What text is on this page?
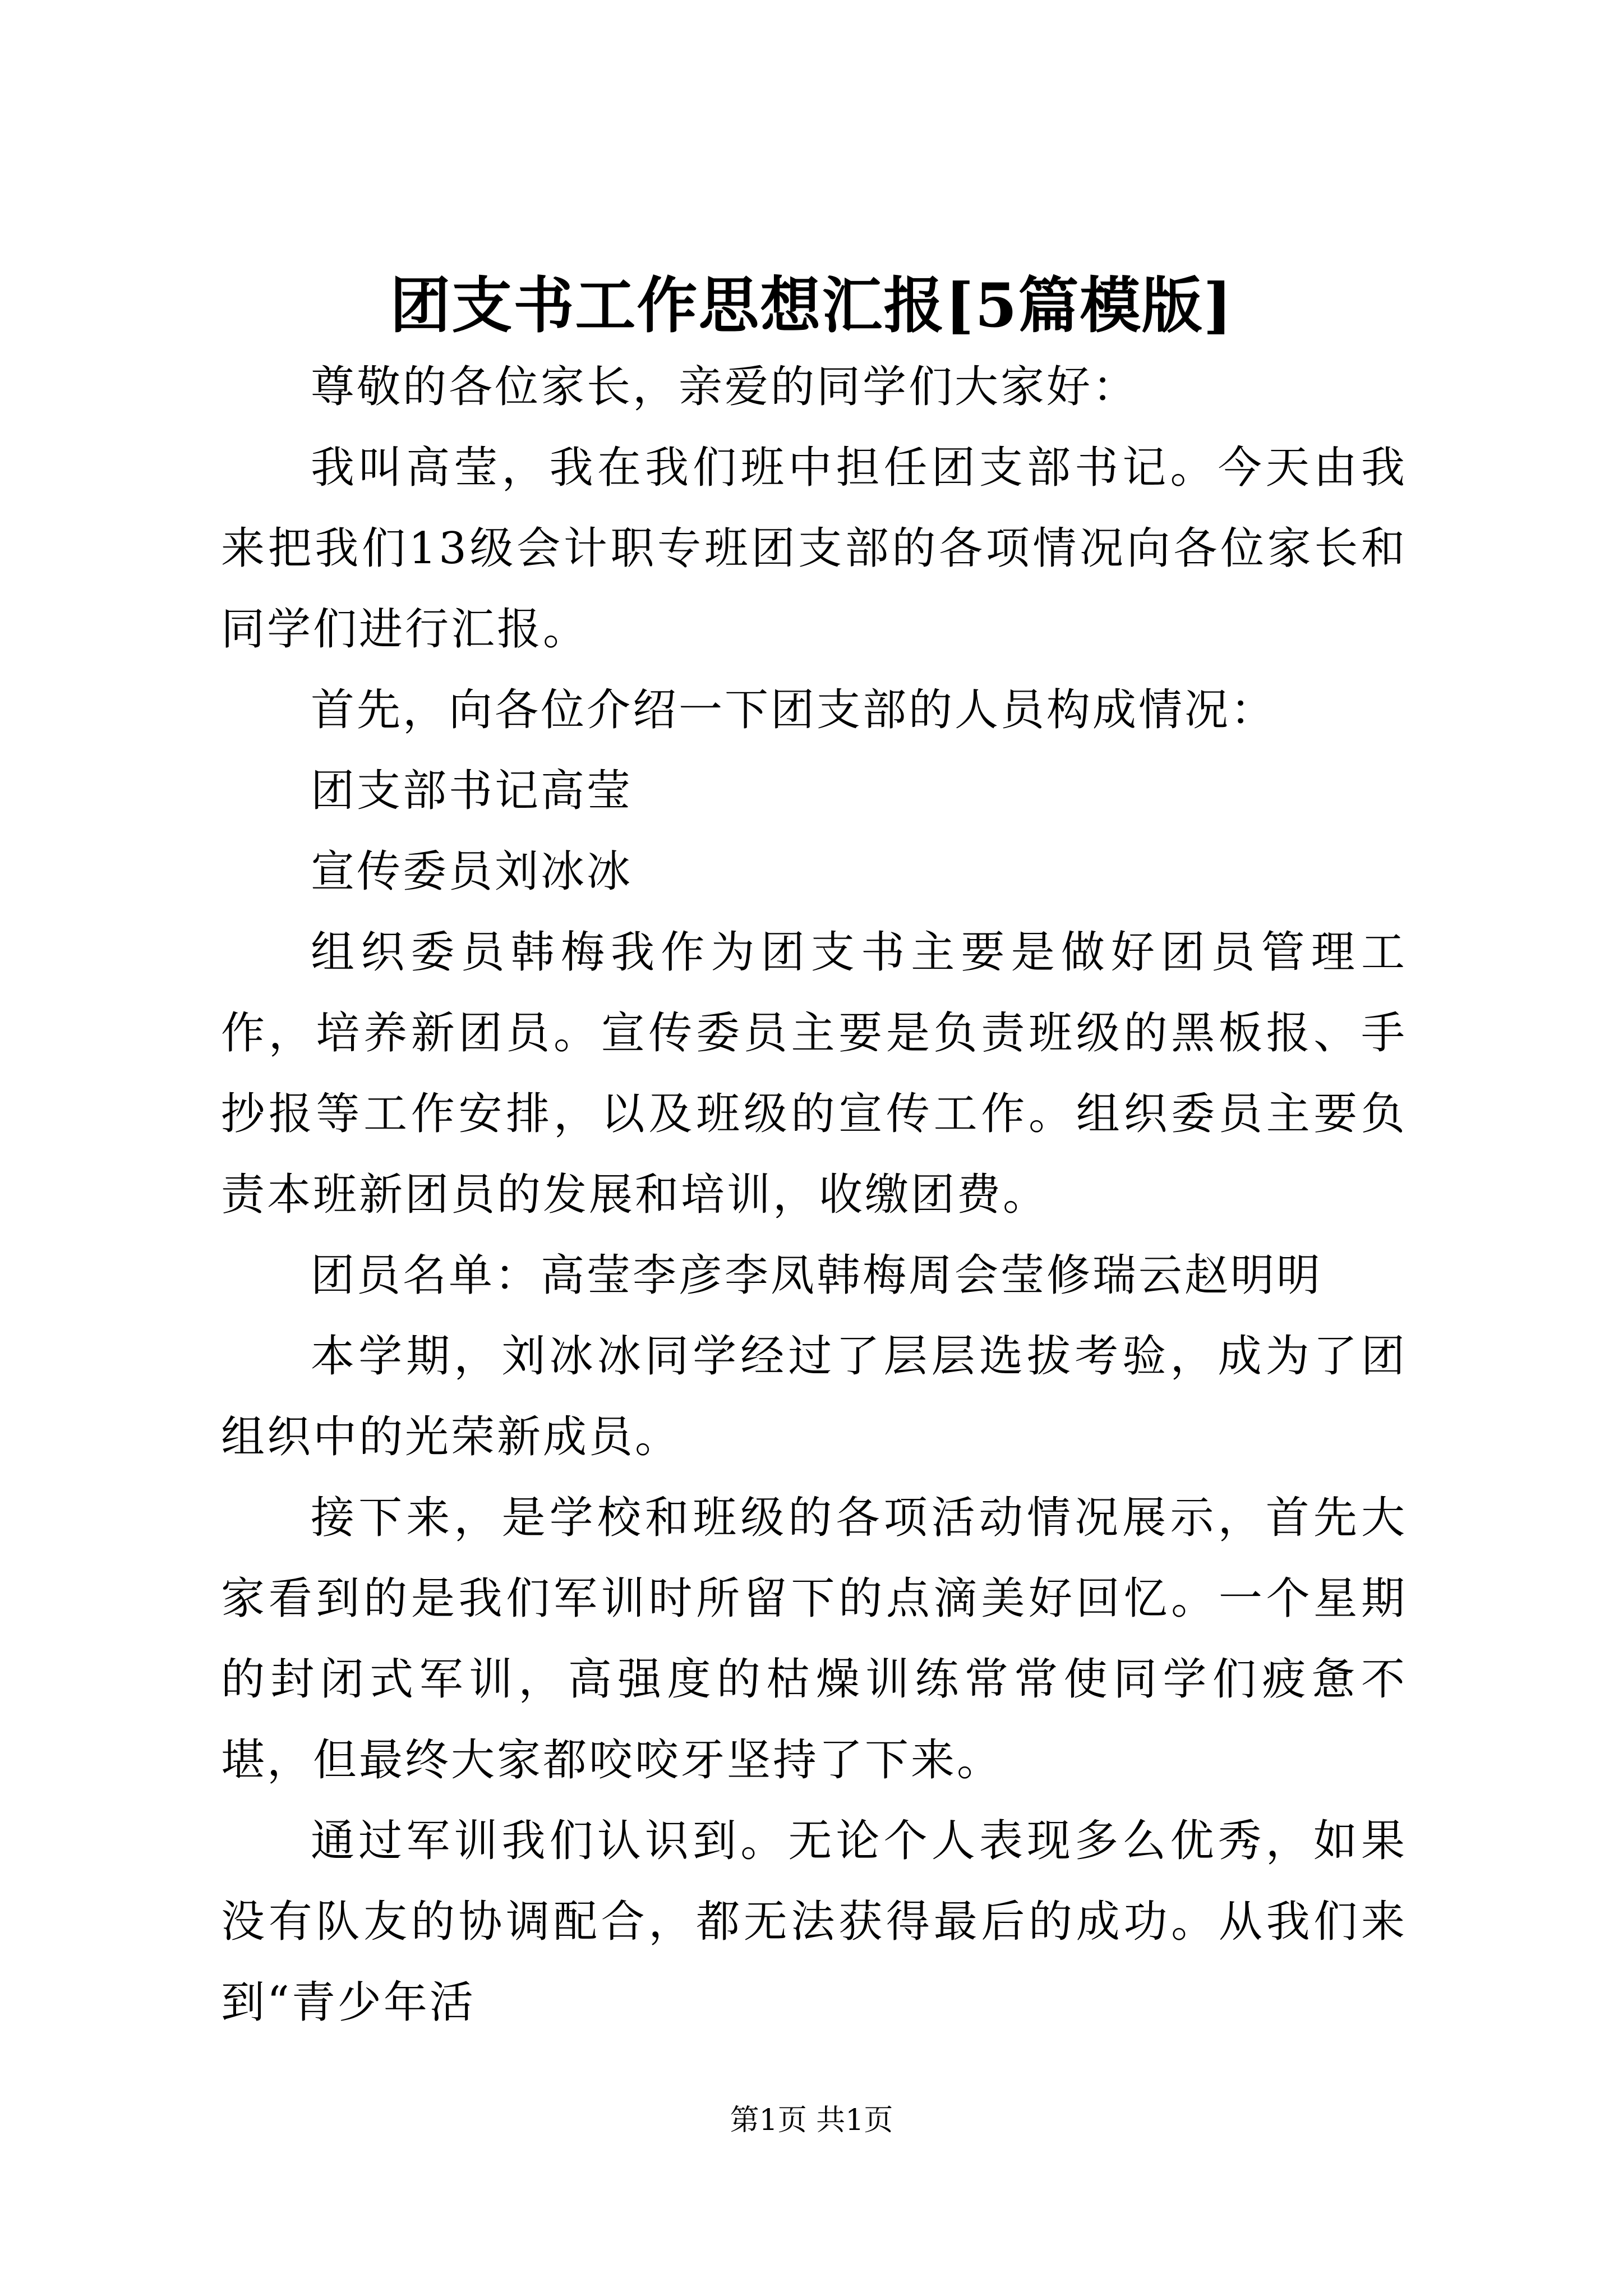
团支书工作思想汇报[5篇模版]

尊敬的各位家长，亲爱的同学们大家好：

我叫高莹，我在我们班中担任团支部书记。今天由我来把我们13级会计职专班团支部的各项情况向各位家长和同学们进行汇报。

首先，向各位介绍一下团支部的人员构成情况：

团支部书记高莹

宣传委员刘冰冰

组织委员韩梅我作为团支书主要是做好团员管理工作，培养新团员。宣传委员主要是负责班级的黑板报、手抄报等工作安排，以及班级的宣传工作。组织委员主要负责本班新团员的发展和培训，收缴团费。

团员名单：高莹李彦李凤韩梅周会莹修瑞云赵明明

本学期，刘冰冰同学经过了层层选拔考验，成为了团组织中的光荣新成员。

接下来，是学校和班级的各项活动情况展示，首先大家看到的是我们军训时所留下的点滴美好回忆。一个星期的封闭式军训，高强度的枯燥训练常常使同学们疲惫不堪，但最终大家都咬咬牙坚持了下来。

通过军训我们认识到。无论个人表现多么优秀，如果没有队友的协调配合，都无法获得最后的成功。从我们来到“青少年活

第1页 共1页
